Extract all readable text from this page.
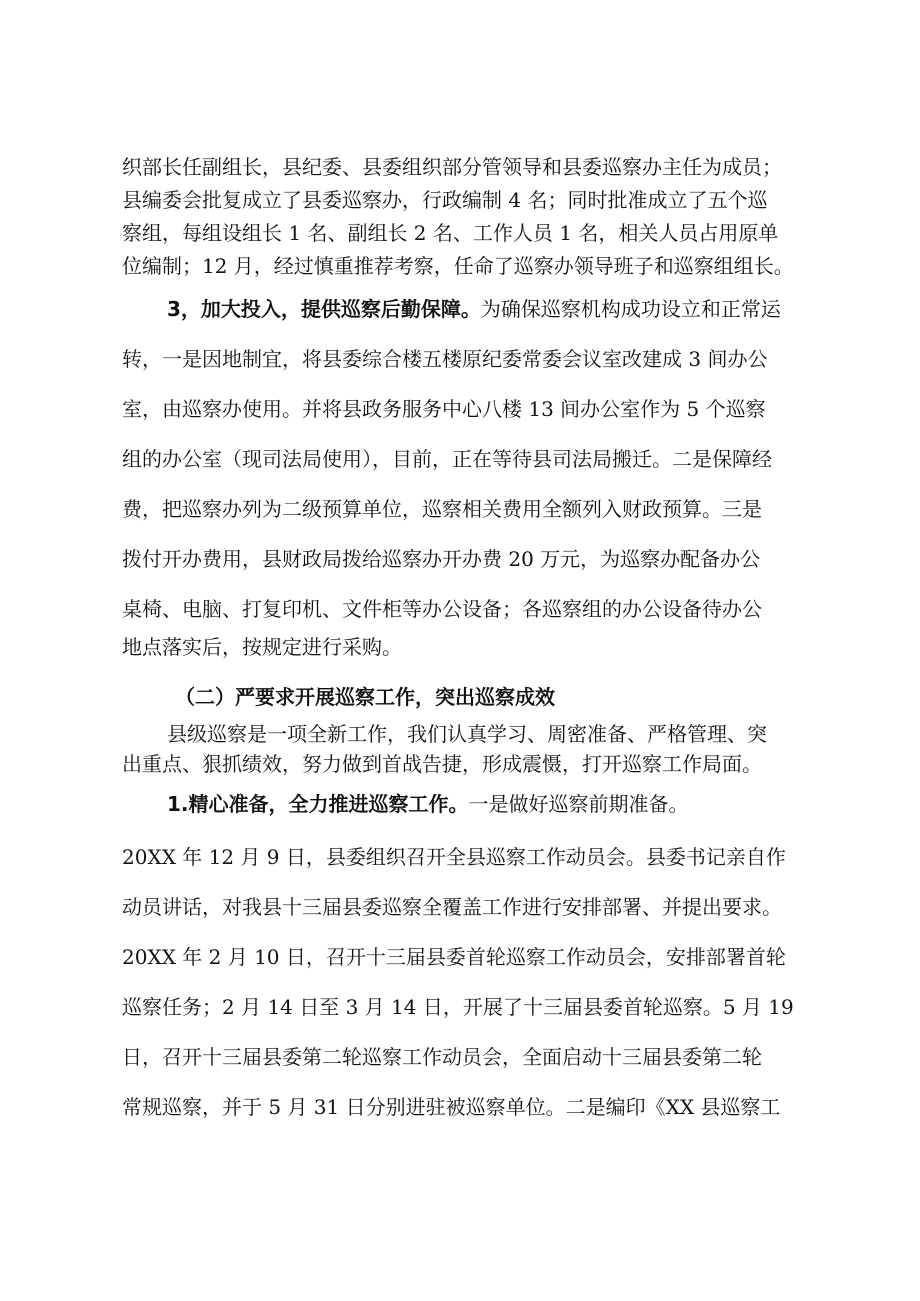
织部长任副组长，县纪委、县委组织部分管领导和县委巡察办主任为成员；
县编委会批复成立了县委巡察办，行政编制 4 名；同时批准成立了五个巡
察组，每组设组长 1 名、副组长 2 名、工作人员 1 名，相关人员占用原单
位编制；12 月，经过慎重推荐考察，任命了巡察办领导班子和巡察组组长。
3，加大投入，提供巡察后勤保障。为确保巡察机构成功设立和正常运
转，一是因地制宜，将县委综合楼五楼原纪委常委会议室改建成 3 间办公
室，由巡察办使用。并将县政务服务中心八楼 13 间办公室作为 5 个巡察
组的办公室（现司法局使用），目前，正在等待县司法局搬迁。二是保障经
费，把巡察办列为二级预算单位，巡察相关费用全额列入财政预算。三是
拨付开办费用，县财政局拨给巡察办开办费 20 万元，为巡察办配备办公
桌椅、电脑、打复印机、文件柜等办公设备；各巡察组的办公设备待办公
地点落实后，按规定进行采购。
（二）严要求开展巡察工作，突出巡察成效
县级巡察是一项全新工作，我们认真学习、周密准备、严格管理、突
出重点、狠抓绩效，努力做到首战告捷，形成震慑，打开巡察工作局面。
1.精心准备，全力推进巡察工作。一是做好巡察前期准备。
20XX 年 12 月 9 日，县委组织召开全县巡察工作动员会。县委书记亲自作
动员讲话，对我县十三届县委巡察全覆盖工作进行安排部署、并提出要求。
20XX 年 2 月 10 日，召开十三届县委首轮巡察工作动员会，安排部署首轮
巡察任务；2 月 14 日至 3 月 14 日，开展了十三届县委首轮巡察。5 月 19
日，召开十三届县委第二轮巡察工作动员会，全面启动十三届县委第二轮
常规巡察，并于 5 月 31 日分别进驻被巡察单位。二是编印《XX 县巡察工
